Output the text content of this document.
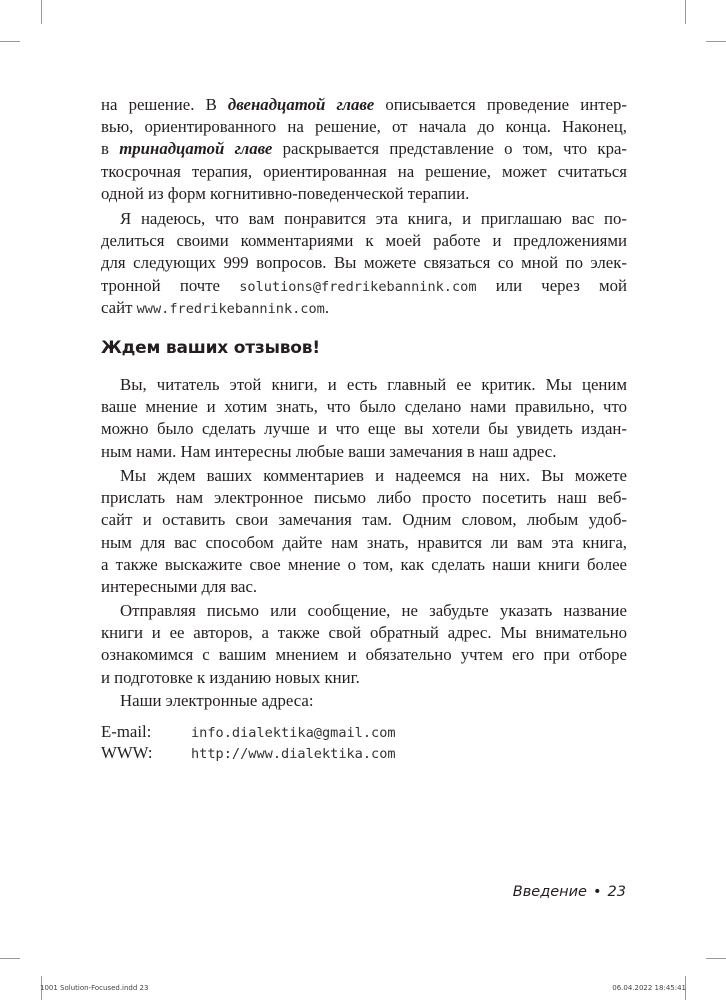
на решение. В двенадцатой главе описывается проведение интер-
вью, ориентированного на решение, от начала до конца. Наконец,
в тринадцатой главе раскрывается представление о том, что кра-
ткосрочная терапия, ориентированная на решение, может считаться
одной из форм когнитивно-поведенческой терапии.
Я надеюсь, что вам понравится эта книга, и приглашаю вас по-
делиться своими комментариями к моей работе и предложениями
для следующих 999 вопросов. Вы можете связаться со мной по элек-
тронной почте solutions@fredrikebannink.com или через мой
сайт www.fredrikebannink.com.
Ждем ваших отзывов!
Вы, читатель этой книги, и есть главный ее критик. Мы ценим
ваше мнение и хотим знать, что было сделано нами правильно, что
можно было сделать лучше и что еще вы хотели бы увидеть издан-
ным нами. Нам интересны любые ваши замечания в наш адрес.
Мы ждем ваших комментариев и надеемся на них. Вы можете
прислать нам электронное письмо либо просто посетить наш веб-
сайт и оставить свои замечания там. Одним словом, любым удоб-
ным для вас способом дайте нам знать, нравится ли вам эта книга,
а также выскажите свое мнение о том, как сделать наши книги более
интересными для вас.
Отправляя письмо или сообщение, не забудьте указать название
книги и ее авторов, а также свой обратный адрес. Мы внимательно
ознакомимся с вашим мнением и обязательно учтем его при отборе
и подготовке к изданию новых книг.
Наши электронные адреса:
E-mail:	info.dialektika@gmail.com
WWW:	http://www.dialektika.com
Введение • 23
1001 Solution-Focused.indd 23	06.04.2022 18:45:41
